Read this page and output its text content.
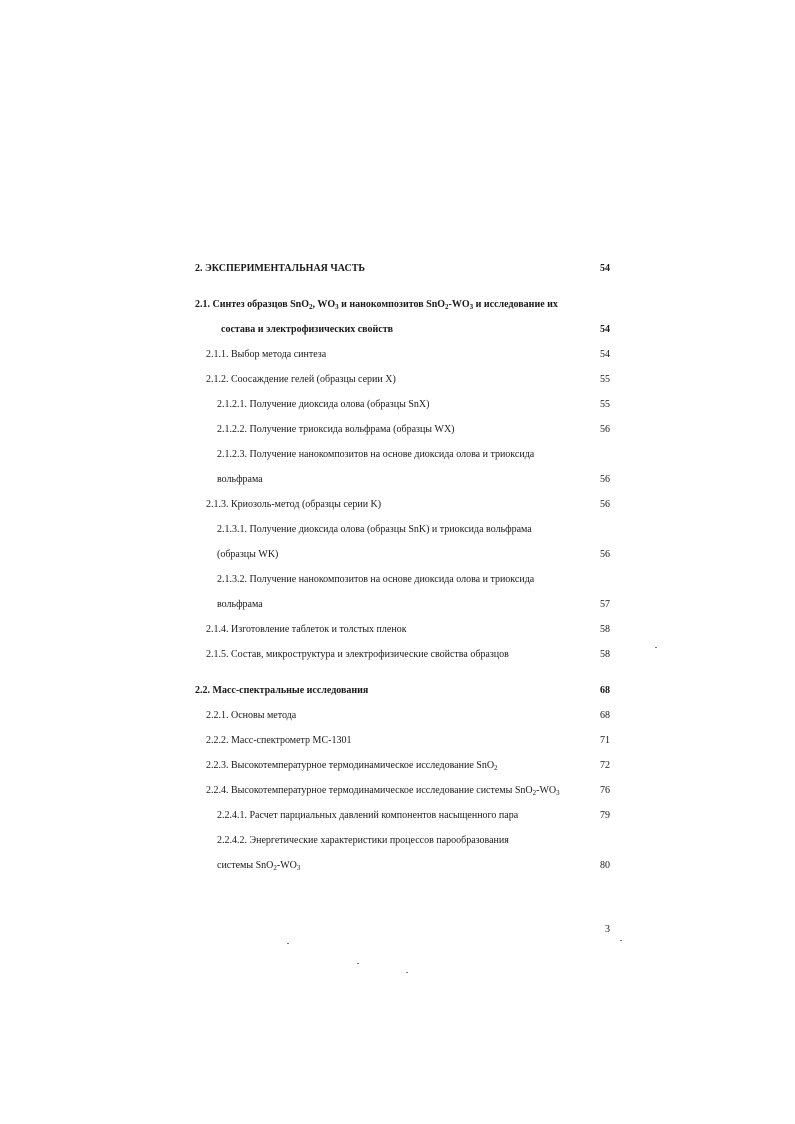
2. ЭКСПЕРИМЕНТАЛЬНАЯ ЧАСТЬ	54
2.1. Синтез образцов SnO$_2$, $WO_3$ и нанокомпозитов $SnO_2-WO_3$ и исследование их
состава и электрофизических свойств	54
2.1.1. Выбор метода синтеза	54
2.1.2. Соосаждение гелей (образцы серии X)	55
2.1.2.1. Получение диоксида олова (образцы SnX)	55
2.1.2.2. Получение триоксида вольфрама (образцы WX)	56
2.1.2.3. Получение нанокомпозитов на основе диоксида олова и триоксида
вольфрама	56
2.1.3. Криозоль-метод (образцы серии K)	56
2.1.3.1. Получение диоксида олова (образцы SnK) и триоксида вольфрама
(образцы WK)	56
2.1.3.2. Получение нанокомпозитов на основе диоксида олова и триоксида
вольфрама	57
2.1.4. Изготовление таблеток и толстых пленок	58
2.1.5. Состав, микроструктура и электрофизические свойства образцов	58
2.2. Масс-спектральные исследования	68
2.2.1. Основы метода	68
2.2.2. Масс-спектрометр МС-1301	71
2.2.3. Высокотемпературное термодинамическое исследование SnO$_2$	72
2.2.4. Высокотемпературное термодинамическое исследование системы $SnO_2-WO_3$	76
2.2.4.1. Расчет парциальных давлений компонентов насыщенного пара	79
2.2.4.2. Энергетические характеристики процессов парообразования
системы $SnO_2-WO_3$	80
3
